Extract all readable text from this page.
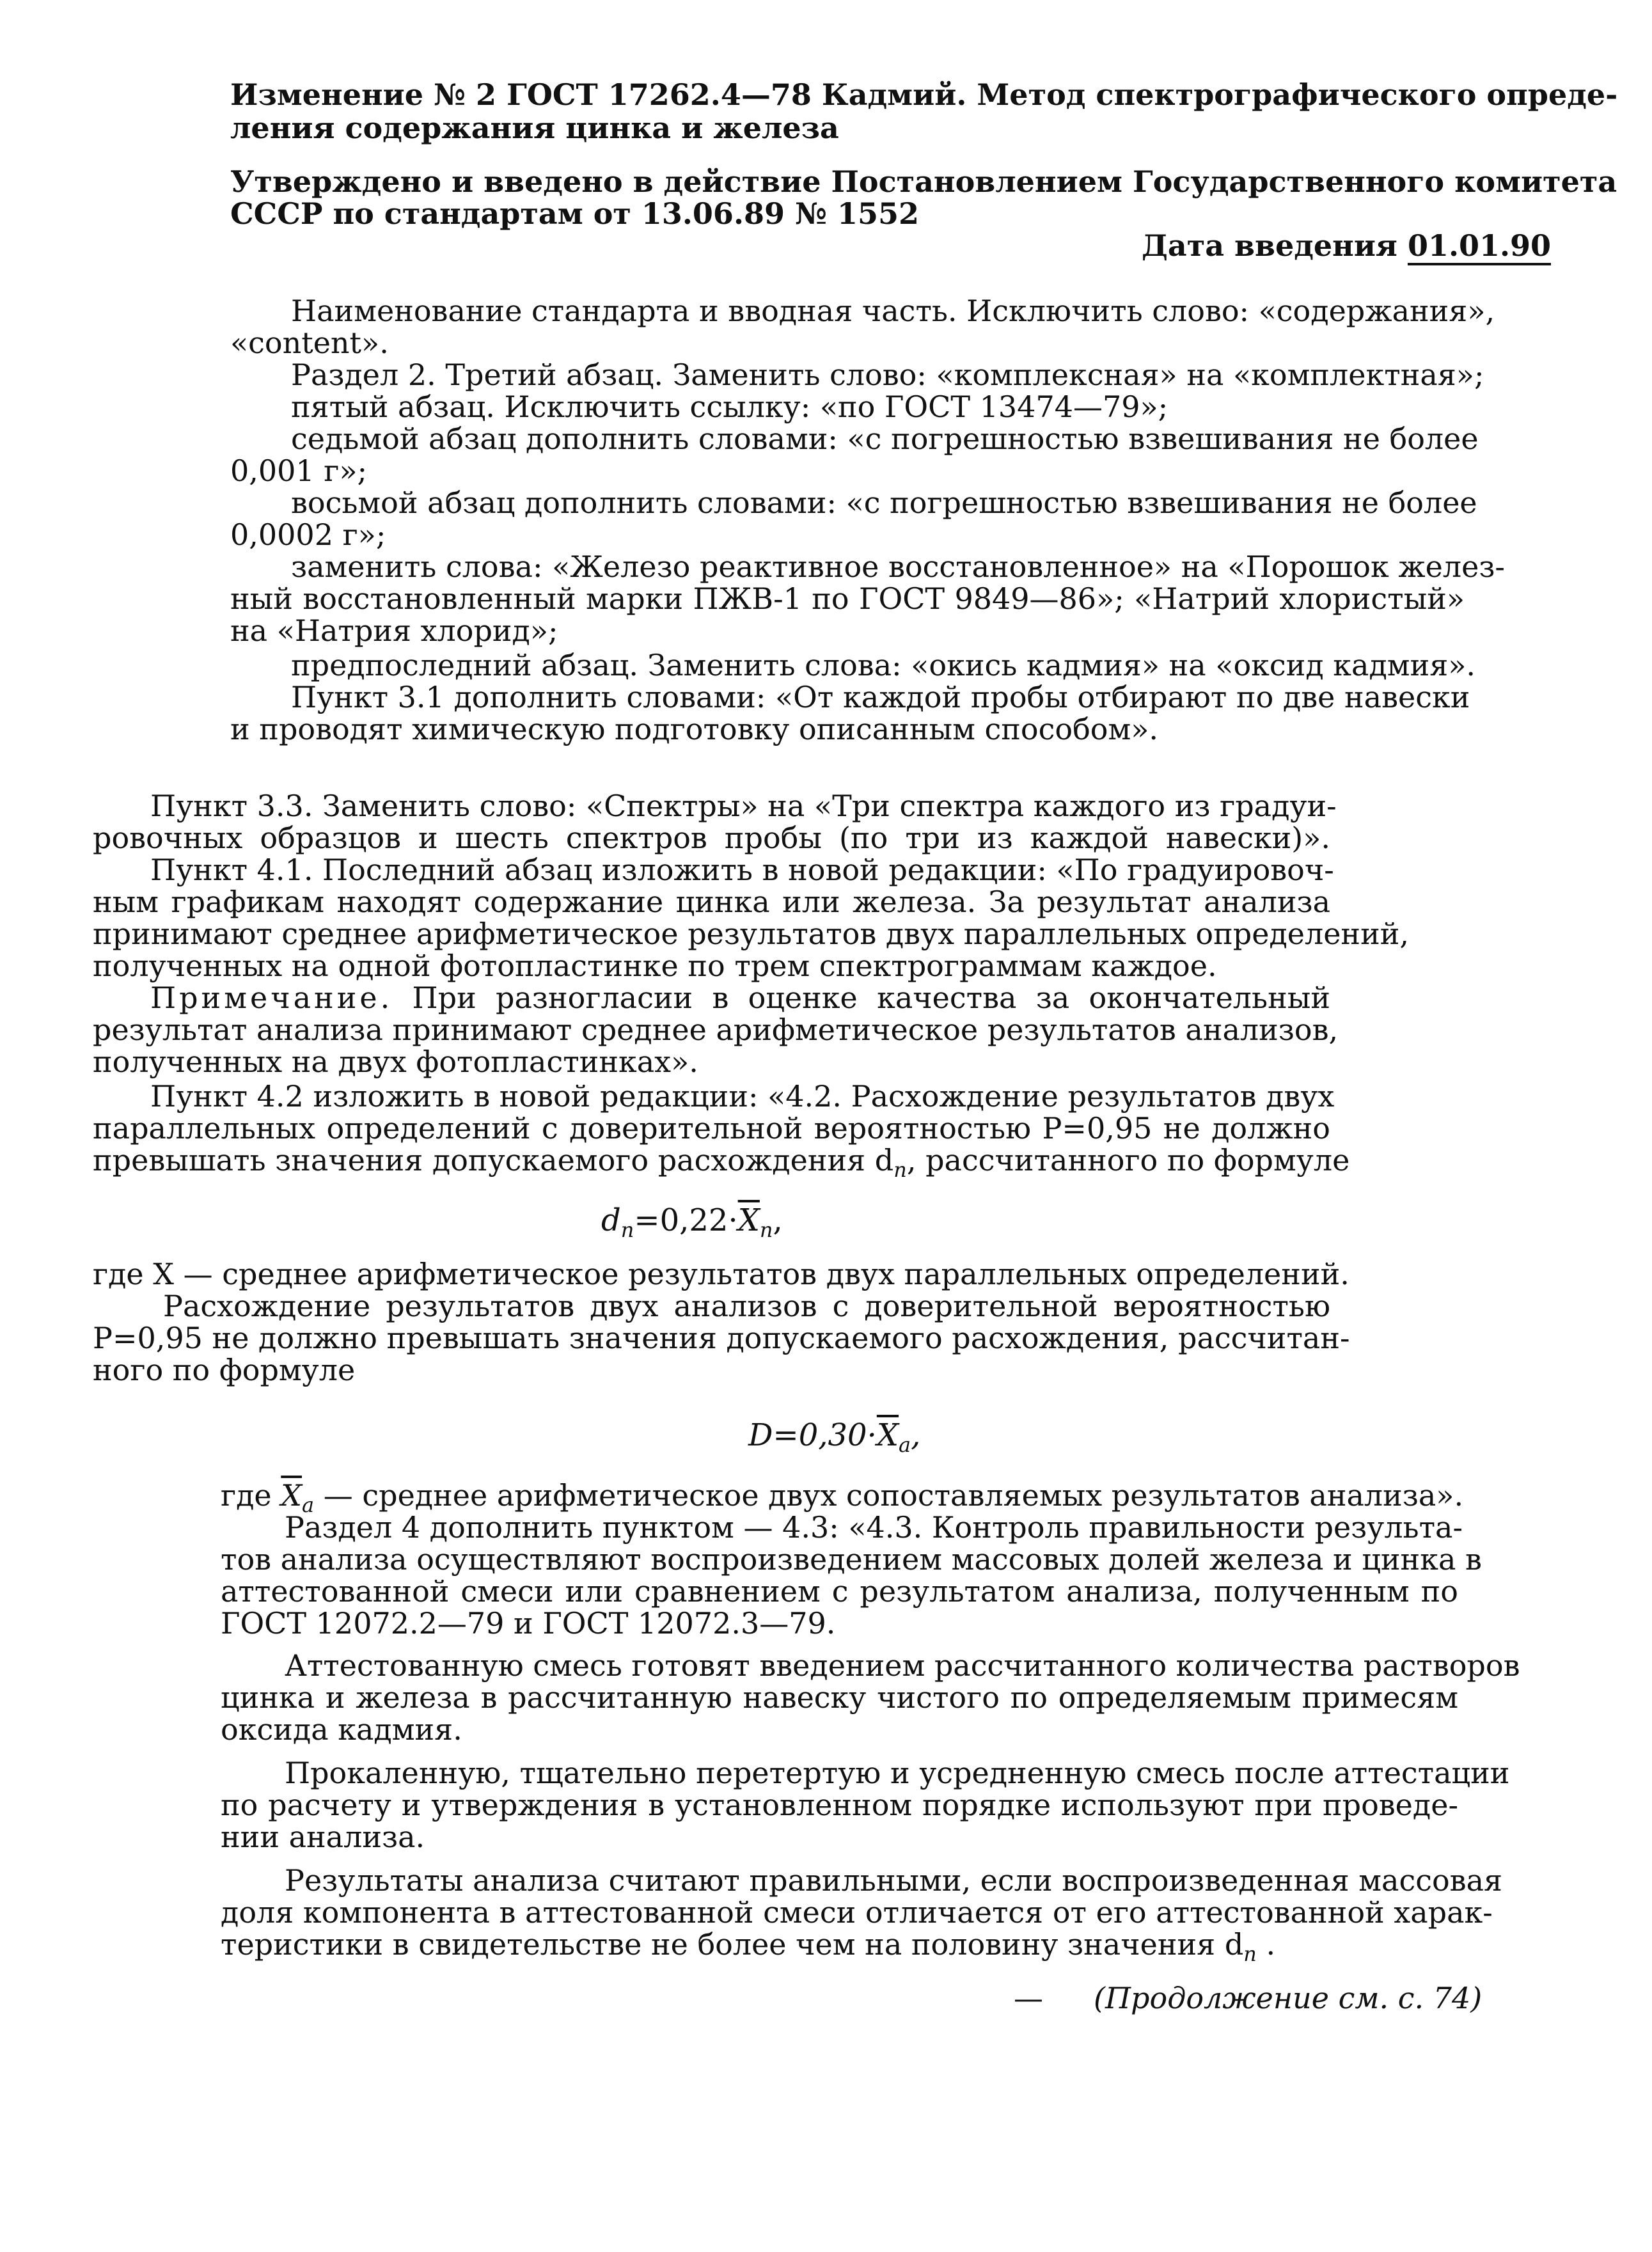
Изменение № 2 ГОСТ 17262.4—78 Кадмий. Метод спектрографического опреде-
ления содержания цинка и железа
Утверждено и введено в действие Постановлением Государственного комитета
СССР по стандартам от 13.06.89 № 1552
Дата введения 01.01.90
Наименование стандарта и вводная часть. Исключить слово: «содержания»,
«content».
Раздел 2. Третий абзац. Заменить слово: «комплексная» на «комплектная»;
пятый абзац. Исключить ссылку: «по ГОСТ 13474—79»;
седьмой абзац дополнить словами: «с погрешностью взвешивания не более
0,001 г»;
восьмой абзац дополнить словами: «с погрешностью взвешивания не более
0,0002 г»;
заменить слова: «Железо реактивное восстановленное» на «Порошок желез-
ный восстановленный марки ПЖВ-1 по ГОСТ 9849—86»; «Натрий хлористый»
на «Натрия хлорид»;
предпоследний абзац. Заменить слова: «окись кадмия» на «оксид кадмия».
Пункт 3.1 дополнить словами: «От каждой пробы отбирают по две навески
и проводят химическую подготовку описанным способом».
Пункт 3.3. Заменить слово: «Спектры» на «Три спектра каждого из градуи-
ровочных образцов и шесть спектров пробы (по три из каждой навески)».
Пункт 4.1. Последний абзац изложить в новой редакции: «По градуировоч-
ным графикам находят содержание цинка или железа. За результат анализа
принимают среднее арифметическое результатов двух параллельных определений,
полученных на одной фотопластинке по трем спектрограммам каждое.
Примечание. При разногласии в оценке качества за окончательный
результат анализа принимают среднее арифметическое результатов анализов,
полученных на двух фотопластинках».
Пункт 4.2 изложить в новой редакции: «4.2. Расхождение результатов двух
параллельных определений с доверительной вероятностью P=0,95 не должно
превышать значения допускаемого расхождения $d_n$, рассчитанного по формуле
$d_n=0,22\cdot\overline{X}_n$,
где X — среднее арифметическое результатов двух параллельных определений.
Расхождение результатов двух анализов с доверительной вероятностью
P=0,95 не должно превышать значения допускаемого расхождения, рассчитан-
ного по формуле
$D=0,30\cdot\overline{X}_a$,
где $\overline{X}_a$ — среднее арифметическое двух сопоставляемых результатов анализа».
Раздел 4 дополнить пунктом — 4.3: «4.3. Контроль правильности результа-
тов анализа осуществляют воспроизведением массовых долей железа и цинка в
аттестованной смеси или сравнением с результатом анализа, полученным по
ГОСТ 12072.2—79 и ГОСТ 12072.3—79.
Аттестованную смесь готовят введением рассчитанного количества растворов
цинка и железа в рассчитанную навеску чистого по определяемым примесям
оксида кадмия.
Прокаленную, тщательно перетертую и усредненную смесь после аттестации
по расчету и утверждения в установленном порядке используют при проведе-
нии анализа.
Результаты анализа считают правильными, если воспроизведенная массовая
доля компонента в аттестованной смеси отличается от его аттестованной харак-
теристики в свидетельстве не более чем на половину значения $d_n$ .
— (Продолжение см. с. 74)
